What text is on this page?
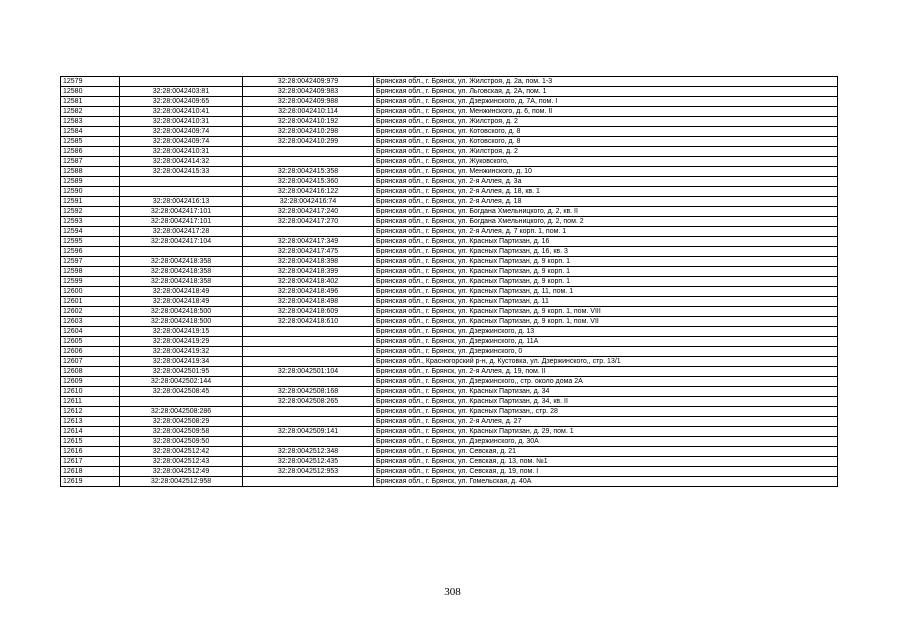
12579		32:28:0042409:979	Брянская обл., г. Брянск, ул. Жилстроя, д. 2а, пом. 1-3
12580	32:28:0042403:81	32:28:0042409:983	Брянская обл., г. Брянск, ул. Льговская, д. 2А, пом. 1
12581	32:28:0042409:65	32:28:0042409:988	Брянская обл., г. Брянск, ул. Дзержинского, д. 7А, пом. I
12582	32:28:0042410:41	32:28:0042410:114	Брянская обл., г. Брянск, ул. Менжинского, д. 6, пом. II
12583	32:28:0042410:31	32:28:0042410:192	Брянская обл., г. Брянск, ул. Жилстроя, д. 2
12584	32:28:0042409:74	32:28:0042410:298	Брянская обл., г. Брянск, ул. Котовского, д. 8
12585	32:28:0042409:74	32:28:0042410:299	Брянская обл., г. Брянск, ул. Котовского, д. 8
12586	32:28:0042410:31		Брянская обл., г. Брянск, ул. Жилстроя, д. 2
12587	32:28:0042414:32		Брянская обл., г. Брянск, ул. Жуковского,
12588	32:28:0042415:33	32:28:0042415:358	Брянская обл., г. Брянск, ул. Менжинского, д. 10
12589		32:28:0042415:360	Брянская обл., г. Брянск, ул. 2-я Аллея, д. 3а
12590		32:28:0042416:122	Брянская обл., г. Брянск, ул. 2-я Аллея, д. 18, кв. 1
12591	32:28:0042416:13	32:28:0042416:74	Брянская обл., г. Брянск, ул. 2-я Аллея, д. 18
12592	32:28:0042417:101	32:28:0042417:240	Брянская обл., г. Брянск, ул. Богдана Хмельницкого, д. 2, кв. II
12593	32:28:0042417:101	32:28:0042417:270	Брянская обл., г. Брянск, ул. Богдана Хмельницкого, д. 2, пом. 2
12594	32:28:0042417:28		Брянская обл., г. Брянск, ул. 2-я Аллея, д. 7 корп. 1, пом. 1
12595	32:28:0042417:104	32:28:0042417:349	Брянская обл., г. Брянск, ул. Красных Партизан, д. 16
12596		32:28:0042417:475	Брянская обл., г. Брянск, ул. Красных Партизан, д. 16, кв. 3
12597	32:28:0042418:358	32:28:0042418:398	Брянская обл., г. Брянск, ул. Красных Партизан, д. 9 корп. 1
12598	32:28:0042418:358	32:28:0042418:399	Брянская обл., г. Брянск, ул. Красных Партизан, д. 9 корп. 1
12599	32:28:0042418:358	32:28:0042418:402	Брянская обл., г. Брянск, ул. Красных Партизан, д. 9 корп. 1
12600	32:28:0042418:49	32:28:0042418:496	Брянская обл., г. Брянск, ул. Красных Партизан, д. 11, пом. 1
12601	32:28:0042418:49	32:28:0042418:498	Брянская обл., г. Брянск, ул. Красных Партизан, д. 11
12602	32:28:0042418:500	32:28:0042418:609	Брянская обл., г. Брянск, ул. Красных Партизан, д. 9 корп. 1, пом. VIII
12603	32:28:0042418:500	32:28:0042418:610	Брянская обл., г. Брянск, ул. Красных Партизан, д. 9 корп. 1, пом. VII
12604	32:28:0042419:15		Брянская обл., г. Брянск, ул. Дзержинского, д. 13
12605	32:28:0042419:29		Брянская обл., г. Брянск, ул. Дзержинского, д. 11А
12606	32:28:0042419:32		Брянская обл., г. Брянск, ул. Дзержинского, 0
12607	32:28:0042419:34		Брянская обл., Красногорский р-н, д. Кустовка, ул. Дзержинского,, стр. 13/1
12608	32:28:0042501:95	32:28:0042501:104	Брянская обл., г. Брянск, ул. 2-я Аллея, д. 19, пом. II
12609	32:28:0042502:144		Брянская обл., г. Брянск, ул. Дзержинского,, стр. около дома 2А
12610	32:28:0042508:45	32:28:0042508:168	Брянская обл., г. Брянск, ул. Красных Партизан, д. 34
12611		32:28:0042508:265	Брянская обл., г. Брянск, ул. Красных Партизан, д. 34, кв. II
12612	32:28:0042508:286		Брянская обл., г. Брянск, ул. Красных Партизан,, стр. 28
12613	32:28:0042508:29		Брянская обл., г. Брянск, ул. 2-я Аллея, д. 27
12614	32:28:0042509:58	32:28:0042509:141	Брянская обл., г. Брянск, ул. Красных Партизан, д. 29, пом. 1
12615	32:28:0042509:50		Брянская обл., г. Брянск, ул. Дзержинского, д. 30А
12616	32:28:0042512:42	32:28:0042512:348	Брянская обл., г. Брянск, ул. Севская, д. 21
12617	32:28:0042512:43	32:28:0042512:435	Брянская обл., г. Брянск, ул. Севская, д. 13, пом. №1
12618	32:28:0042512:49	32:28:0042512:953	Брянская обл., г. Брянск, ул. Севская, д. 19, пом. I
12619	32:28:0042512:958		Брянская обл., г. Брянск, ул. Гомельская, д. 40А
308
